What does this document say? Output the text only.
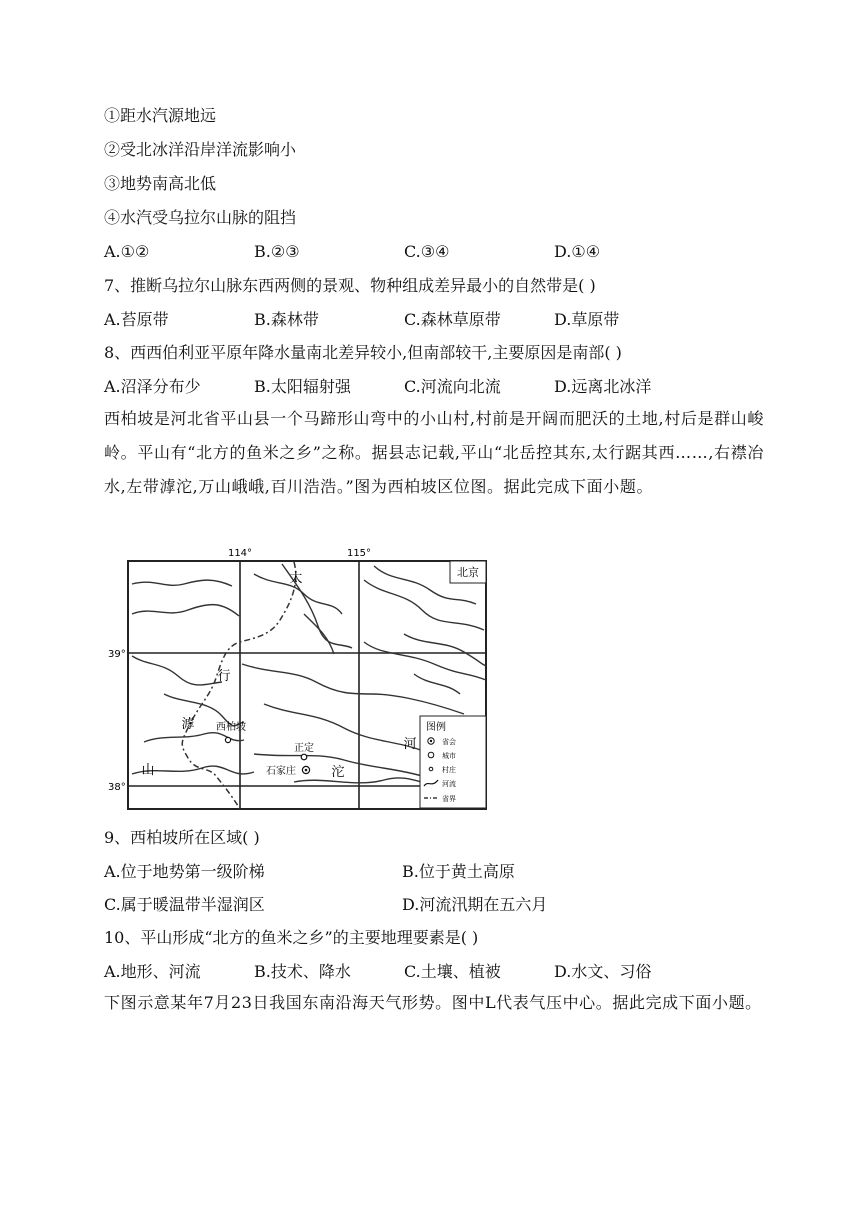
①距水汽源地远
②受北冰洋沿岸洋流影响小
③地势南高北低
④水汽受乌拉尔山脉的阻挡
A.①②	B.②③	C.③④	D.①④
7、推断乌拉尔山脉东西两侧的景观、物种组成差异最小的自然带是( )
A.苔原带	B.森林带	C.森林草原带	D.草原带
8、西西伯利亚平原年降水量南北差异较小,但南部较干,主要原因是南部( )
A.沼泽分布少	B.太阳辐射强	C.河流向北流	D.远离北冰洋
西柏坡是河北省平山县一个马蹄形山弯中的小山村,村前是开阔而肥沃的土地,村后是群山峻岭。平山有“北方的鱼米之乡”之称。据县志记载,平山“北岳控其东,太行踞其西……,右襟冶水,左带滹沱,万山峨峨,百川浩浩。”图为西柏坡区位图。据此完成下面小题。
北京
114°	115°
39°
38°
太
行
山
滹
沱
河
西柏坡
正定
石家庄
图例
省会
城市
村庄
河流
省界
9、西柏坡所在区域( )
A.位于地势第一级阶梯	B.位于黄土高原
C.属于暖温带半湿润区	D.河流汛期在五六月
10、平山形成“北方的鱼米之乡”的主要地理要素是( )
A.地形、河流	B.技术、降水	C.土壤、植被	D.水文、习俗
下图示意某年7月23日我国东南沿海天气形势。图中L代表气压中心。据此完成下面小题。
